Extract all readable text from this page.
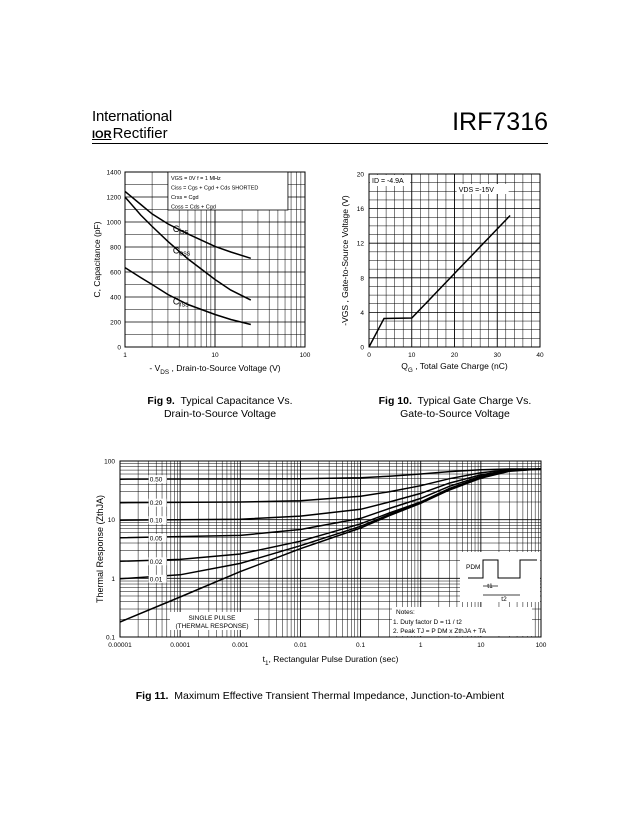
International
IORRectifier	IRF7316
0
200
400
600
800
1000
1200
1400
1	10	100
- $V_{DS}$ , Drain-to-Source Voltage (V)
C, Capacitance (pF)
VGS = 0V f = 1 MHz
Ciss = Cgs + Cgd + Cds SHORTED
Crss = Cgd
Coss = Cds + Cgd
$C_{iss}$
$C_{oss}$
$C_{rss}$
0
4
8
12
16
20
0	10	20	30	40
$Q_G$ , Total Gate Charge (nC)
-VGS , Gate-to-Source Voltage (V)
ID = -4.9A
VDS =-15V
0.1
1
10
100
0.00001	0.0001	0.001	0.01	0.1	1	10	100
$t_1$, Rectangular Pulse Duration (sec)
Thermal Response (ZthJA)
0.50
0.20
0.10
0.05
0.02
0.01
SINGLE PULSE
(THERMAL RESPONSE)
Notes:
1. Duty factor D = t1 / t2
2. Peak TJ = P DM x ZthJA + TA
PDM
t1
t2
Fig 9. Typical Capacitance Vs.
Drain-to-Source Voltage
Fig 10. Typical Gate Charge Vs.
Gate-to-Source Voltage
Fig 11. Maximum Effective Transient Thermal Impedance, Junction-to-Ambient
